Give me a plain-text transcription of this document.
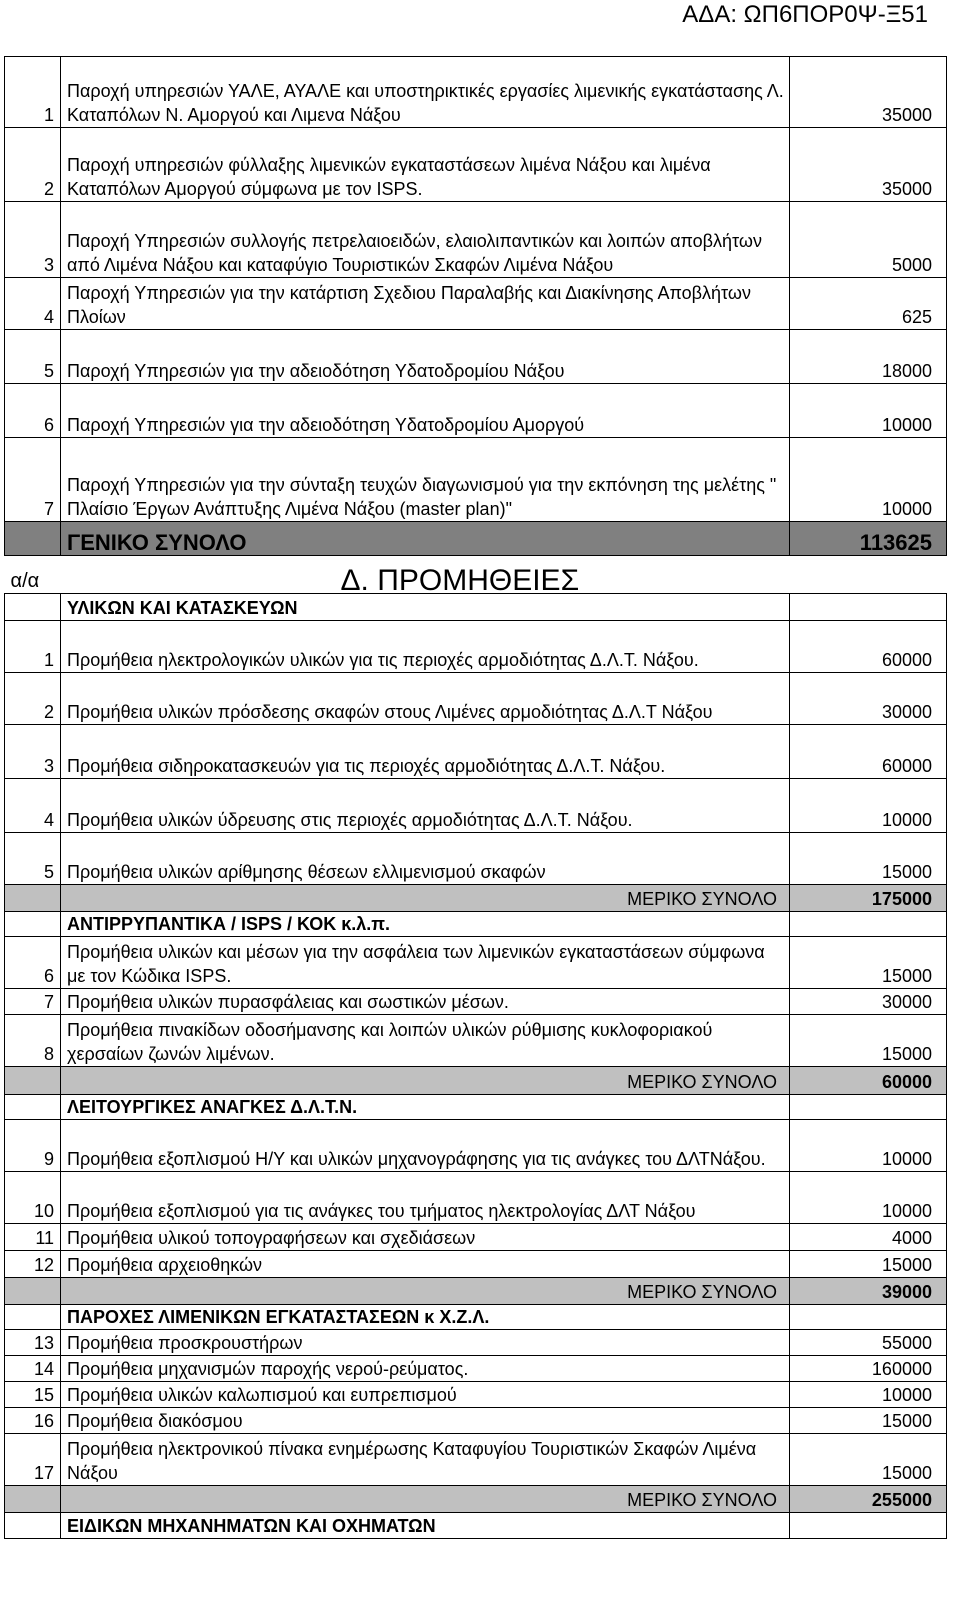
ΑΔΑ: ΩΠ6ΠΟΡ0Ψ-Ξ51
1	Παροχή υπηρεσιών ΥΑΛΕ, ΑΥΑΛΕ και υποστηρικτικές εργασίες λιμενικής εγκατάστασης Λ. Καταπόλων Ν. Αμοργού και Λιμενα Νάξου	35000
2	Παροχή υπηρεσιών φύλλαξης λιμενικών εγκαταστάσεων λιμένα Νάξου και λιμένα Καταπόλων Αμοργού σύμφωνα με τον ISPS.	35000
3	Παροχή Υπηρεσιών συλλογής πετρελαιοειδών, ελαιολιπαντικών και λοιπών αποβλήτων από Λιμένα Νάξου και καταφύγιο Τουριστικών Σκαφών Λιμένα Νάξου	5000
4	Παροχή Υπηρεσιών για την κατάρτιση Σχεδιου Παραλαβής και Διακίνησης Αποβλήτων Πλοίων	625
5	Παροχή Υπηρεσιών για την αδειοδότηση Υδατοδρομίου Νάξου	18000
6	Παροχή Υπηρεσιών για την αδειοδότηση Υδατοδρομίου Αμοργού	10000
7	Παροχή Υπηρεσιών για την σύνταξη τευχών διαγωνισμού για την εκπόνηση της μελέτης " Πλαίσιο Έργων Ανάπτυξης Λιμένα Νάξου (master plan)"	10000
	ΓΕΝΙΚΟ ΣΥΝΟΛΟ	113625
α/α	Δ. ΠΡΟΜΗΘΕΙΕΣ	
	ΥΛΙΚΩΝ ΚΑΙ ΚΑΤΑΣΚΕΥΩΝ	
1	Προμήθεια ηλεκτρολογικών υλικών για τις περιοχές αρμοδιότητας Δ.Λ.Τ. Νάξου.	60000
2	Προμήθεια υλικών πρόσδεσης σκαφών στους Λιμένες αρμοδιότητας Δ.Λ.Τ Νάξου	30000
3	Προμήθεια σιδηροκατασκευών για τις περιοχές αρμοδιότητας Δ.Λ.Τ. Νάξου.	60000
4	Προμήθεια υλικών ύδρευσης στις περιοχές αρμοδιότητας Δ.Λ.Τ. Νάξου.	10000
5	Προμήθεια υλικών αρίθμησης θέσεων ελλιμενισμού σκαφών	15000
	ΜΕΡΙΚΟ ΣΥΝΟΛΟ	175000
	ΑΝΤΙΡΡΥΠΑΝΤΙΚΑ / ISPS / ΚΟΚ κ.λ.π.	
6	Προμήθεια υλικών και μέσων για την ασφάλεια των λιμενικών εγκαταστάσεων σύμφωνα με τον Κώδικα ISPS.	15000
7	Προμήθεια υλικών πυρασφάλειας και σωστικών μέσων.	30000
8	Προμήθεια πινακίδων οδοσήμανσης και λοιπών υλικών ρύθμισης κυκλοφοριακού χερσαίων ζωνών λιμένων.	15000
	ΜΕΡΙΚΟ ΣΥΝΟΛΟ	60000
	ΛΕΙΤΟΥΡΓΙΚΕΣ ΑΝΑΓΚΕΣ Δ.Λ.Τ.Ν.	
9	Προμήθεια εξοπλισμού Η/Υ και υλικών μηχανογράφησης για τις ανάγκες του ΔΛΤΝάξου.	10000
10	Προμήθεια εξοπλισμού για τις ανάγκες του τμήματος ηλεκτρολογίας ΔΛΤ Νάξου	10000
11	Προμήθεια υλικού τοπογραφήσεων και σχεδιάσεων	4000
12	Προμήθεια αρχειοθηκών	15000
	ΜΕΡΙΚΟ ΣΥΝΟΛΟ	39000
	ΠΑΡΟΧΕΣ ΛΙΜΕΝΙΚΩΝ ΕΓΚΑΤΑΣΤΑΣΕΩΝ κ Χ.Ζ.Λ.	
13	Προμήθεια προσκρουστήρων	55000
14	Προμήθεια μηχανισμών παροχής νερού-ρεύματος.	160000
15	Προμήθεια υλικών καλωπισμού και ευπρεπισμού	10000
16	Προμήθεια διακόσμου	15000
17	Προμήθεια ηλεκτρονικού πίνακα ενημέρωσης Καταφυγίου Τουριστικών Σκαφών Λιμένα Νάξου	15000
	ΜΕΡΙΚΟ ΣΥΝΟΛΟ	255000
	ΕΙΔΙΚΩΝ ΜΗΧΑΝΗΜΑΤΩΝ ΚΑΙ ΟΧΗΜΑΤΩΝ	
